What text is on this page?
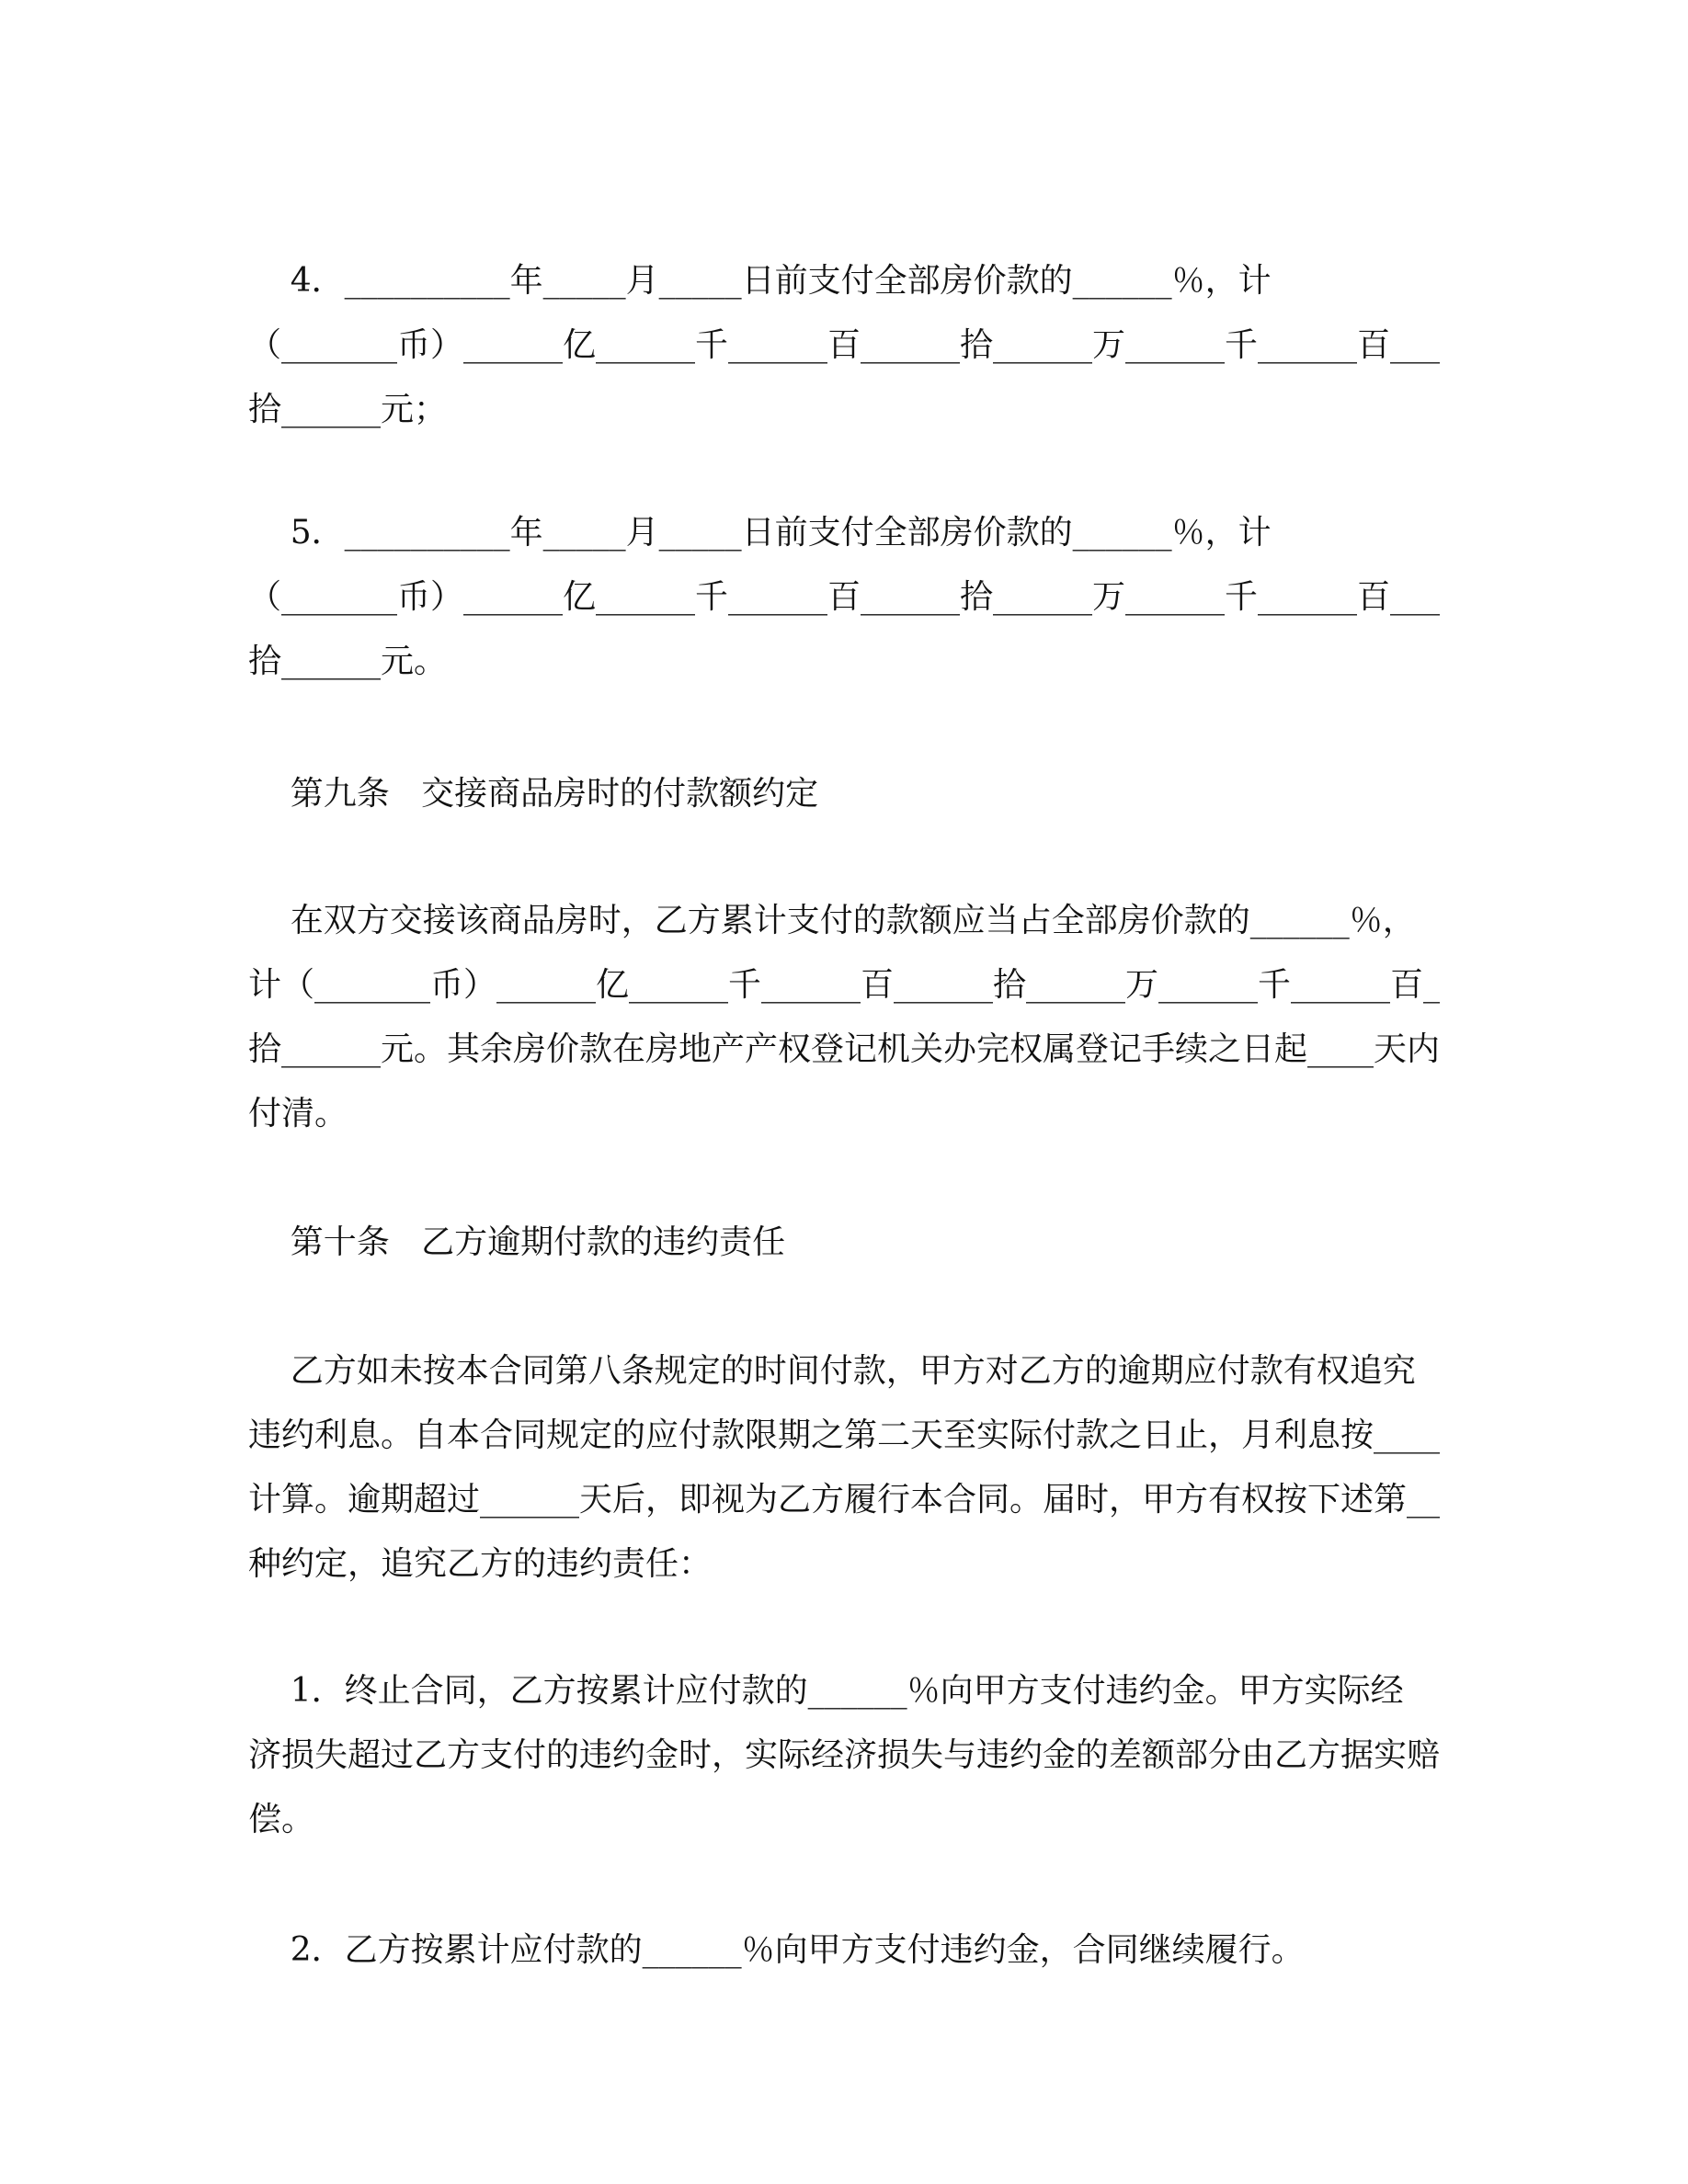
4．__________年_____月_____日前支付全部房价款的______％，计
（_______币）______亿______千______百______拾______万______千______百___
拾______元；
5．__________年_____月_____日前支付全部房价款的______％，计
（_______币）______亿______千______百______拾______万______千______百___
拾______元。
第九条   交接商品房时的付款额约定
在双方交接该商品房时，乙方累计支付的款额应当占全部房价款的______％，
计（_______币）______亿______千______百______拾______万______千______百_
拾______元。其余房价款在房地产产权登记机关办完权属登记手续之日起____天内
付清。
第十条   乙方逾期付款的违约责任
乙方如未按本合同第八条规定的时间付款，甲方对乙方的逾期应付款有权追究
违约利息。自本合同规定的应付款限期之第二天至实际付款之日止，月利息按____
计算。逾期超过______天后，即视为乙方履行本合同。届时，甲方有权按下述第__
种约定，追究乙方的违约责任：
1．终止合同，乙方按累计应付款的______％向甲方支付违约金。甲方实际经
济损失超过乙方支付的违约金时，实际经济损失与违约金的差额部分由乙方据实赔
偿。
2．乙方按累计应付款的______％向甲方支付违约金，合同继续履行。
